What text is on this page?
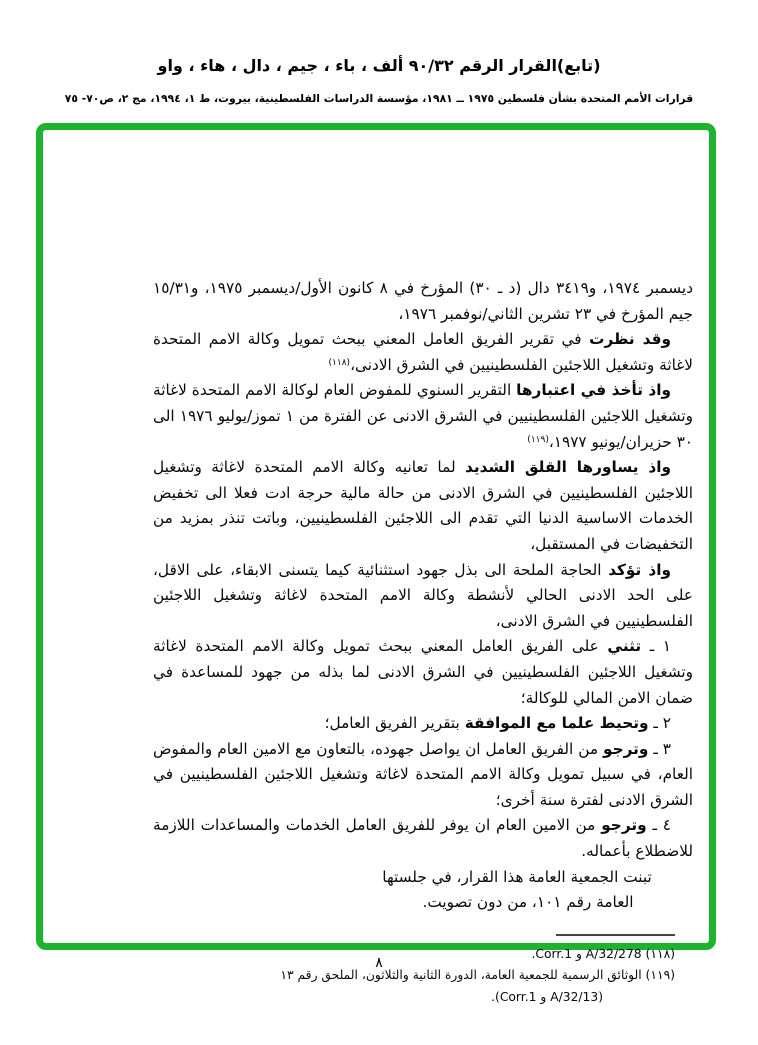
(تابع)القرار الرقم ٩٠/٣٢ ألف ، باء ، جيم ، دال ، هاء ، واو
قرارات الأمم المتحدة بشأن فلسطين ١٩٧٥ ــ ١٩٨١، مؤسسة الدراسات الفلسطينية، بيروت، ط ١، ١٩٩٤، مج ٢، ص٧٠- ٧٥

ديسمبر ١٩٧٤، و٣٤١٩ دال (د ـ ٣٠) المؤرخ في ٨ كانون الأول/ديسمبر ١٩٧٥، و١٥/٣١ جيم المؤرخ في ٢٣ تشرين الثاني/نوفمبر ١٩٧٦،

وقد نظرت في تقرير الفريق العامل المعني ببحث تمويل وكالة الامم المتحدة لاغاثة وتشغيل اللاجئين الفلسطينيين في الشرق الادنى،$^{(١١٨)}$

واذ تأخذ في اعتبارها التقرير السنوي للمفوض العام لوكالة الامم المتحدة لاغاثة وتشغيل اللاجئين الفلسطينيين في الشرق الادنى عن الفترة من ١ تموز/يوليو ١٩٧٦ الى ٣٠ حزيران/يونيو ١٩٧٧،$^{(١١٩)}$

واذ يساورها القلق الشديد لما تعانيه وكالة الامم المتحدة لاغاثة وتشغيل اللاجئين الفلسطينيين في الشرق الادنى من حالة مالية حرجة ادت فعلا الى تخفيض الخدمات الاساسية الدنيا التي تقدم الى اللاجئين الفلسطينيين، وباتت تنذر بمزيد من التخفيضات في المستقبل،

واذ تؤكد الحاجة الملحة الى بذل جهود استثنائية كيما يتسنى الابقاء، على الاقل، على الحد الادنى الحالي لأنشطة وكالة الامم المتحدة لاغاثة وتشغيل اللاجئين الفلسطينيين في الشرق الادنى،

١ ـ تثني على الفريق العامل المعني ببحث تمويل وكالة الامم المتحدة لاغاثة وتشغيل اللاجئين الفلسطينيين في الشرق الادنى لما بذله من جهود للمساعدة في ضمان الامن المالي للوكالة؛

٢ ـ وتحيط علما مع الموافقة بتقرير الفريق العامل؛

٣ ـ وترجو من الفريق العامل ان يواصل جهوده، بالتعاون مع الامين العام والمفوض العام، في سبيل تمويل وكالة الامم المتحدة لاغاثة وتشغيل اللاجئين الفلسطينيين في الشرق الادنى لفترة سنة أخرى؛

٤ ـ وترجو من الامين العام ان يوفر للفريق العامل الخدمات والمساعدات اللازمة للاضطلاع بأعماله.

تبنت الجمعية العامة هذا القرار، في جلستها العامة رقم ١٠١، من دون تصويت.

(١١٨) A/32/278 و Corr.1.

(١١٩) الوثائق الرسمية للجمعية العامة، الدورة الثانية والثلاثون، الملحق رقم ١٣

(A/32/13 و Corr.1).

٨
